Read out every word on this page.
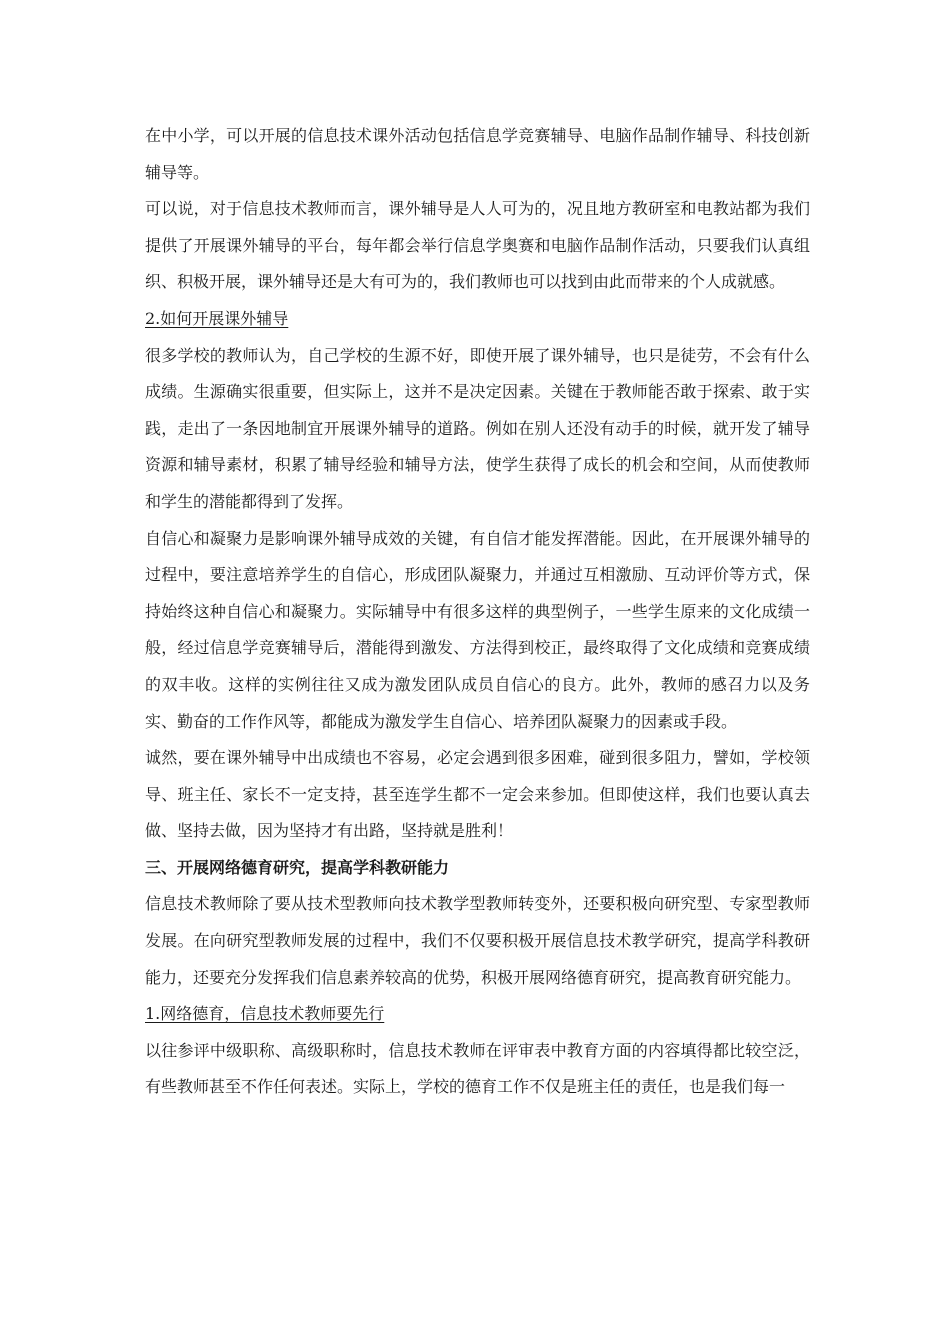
在中小学，可以开展的信息技术课外活动包括信息学竞赛辅导、电脑作品制作辅导、科技创新辅导等。

可以说，对于信息技术教师而言，课外辅导是人人可为的，况且地方教研室和电教站都为我们提供了开展课外辅导的平台，每年都会举行信息学奥赛和电脑作品制作活动，只要我们认真组织、积极开展，课外辅导还是大有可为的，我们教师也可以找到由此而带来的个人成就感。

2.如何开展课外辅导

很多学校的教师认为，自己学校的生源不好，即使开展了课外辅导，也只是徒劳，不会有什么成绩。生源确实很重要，但实际上，这并不是决定因素。关键在于教师能否敢于探索、敢于实践，走出了一条因地制宜开展课外辅导的道路。例如在别人还没有动手的时候，就开发了辅导资源和辅导素材，积累了辅导经验和辅导方法，使学生获得了成长的机会和空间，从而使教师和学生的潜能都得到了发挥。

自信心和凝聚力是影响课外辅导成效的关键，有自信才能发挥潜能。因此，在开展课外辅导的过程中，要注意培养学生的自信心，形成团队凝聚力，并通过互相激励、互动评价等方式，保持始终这种自信心和凝聚力。实际辅导中有很多这样的典型例子，一些学生原来的文化成绩一般，经过信息学竞赛辅导后，潜能得到激发、方法得到校正，最终取得了文化成绩和竞赛成绩的双丰收。这样的实例往往又成为激发团队成员自信心的良方。此外，教师的感召力以及务实、勤奋的工作作风等，都能成为激发学生自信心、培养团队凝聚力的因素或手段。

诚然，要在课外辅导中出成绩也不容易，必定会遇到很多困难，碰到很多阻力，譬如，学校领导、班主任、家长不一定支持，甚至连学生都不一定会来参加。但即使这样，我们也要认真去做、坚持去做，因为坚持才有出路，坚持就是胜利！

三、开展网络德育研究，提高学科教研能力

信息技术教师除了要从技术型教师向技术教学型教师转变外，还要积极向研究型、专家型教师发展。在向研究型教师发展的过程中，我们不仅要积极开展信息技术教学研究，提高学科教研能力，还要充分发挥我们信息素养较高的优势，积极开展网络德育研究，提高教育研究能力。

1.网络德育，信息技术教师要先行

以往参评中级职称、高级职称时，信息技术教师在评审表中教育方面的内容填得都比较空泛，有些教师甚至不作任何表述。实际上，学校的德育工作不仅是班主任的责任，也是我们每一
